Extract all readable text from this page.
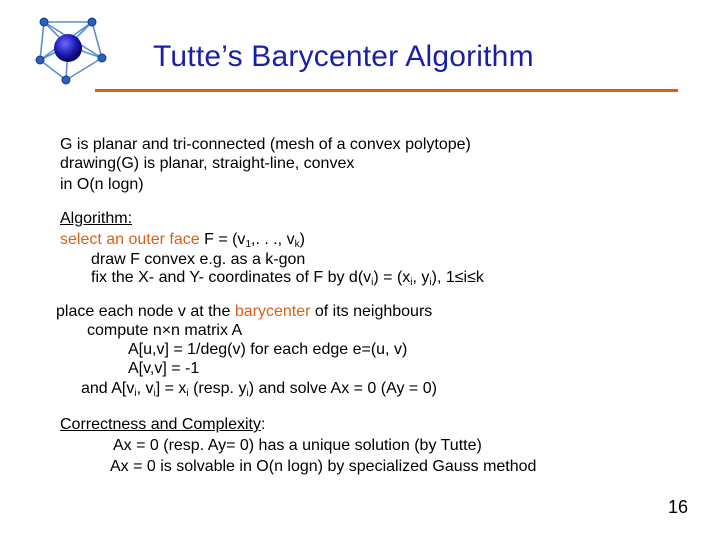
Tutte’s Barycenter Algorithm
G is planar and tri-connected (mesh of a convex polytope)
drawing(G) is planar, straight-line, convex
in O(n logn)
Algorithm:
select an outer face $F = (v_1$,. . ., $v_k$)
draw F convex e.g. as a k-gon
fix the X- and Y- coordinates of F by $d(v_i) = (x_i$, $y_i$), 1≤i≤k
place each node v at the barycenter of its neighbours
compute n×n matrix A
A[u,v] = 1/deg(v) for each edge e=(u, v)
A[v,v] = -1
and $A[v_i$, $v_i] = x_i$ (resp. $y_i$) and solve Ax = 0 (Ay = 0)
Correctness and Complexity:
Ax = 0 (resp. Ay= 0) has a unique solution (by Tutte)
Ax = 0 is solvable in O(n logn) by specialized Gauss method
16
